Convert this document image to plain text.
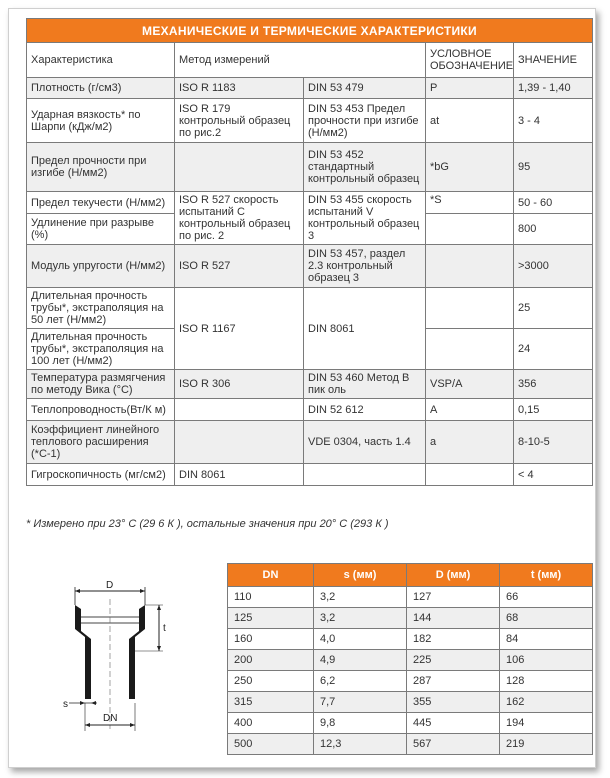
МЕХАНИЧЕСКИЕ И ТЕРМИЧЕСКИЕ ХАРАКТЕРИСТИКИ				
Характеристика	Метод измерений		УСЛОВНОЕ ОБОЗНАЧЕНИЕ	ЗНАЧЕНИЕ
Плотность (г/см3)	ISO R 1183	DIN 53 479	P	1,39 - 1,40
Ударная вязкость* по Шарпи (кДж/м2)	ISO R 179 контрольный образец по рис.2	DIN 53 453 Предел прочности при изгибе (Н/мм2)	at	3 - 4
Предел прочности при изгибе (Н/мм2)		DIN 53 452 стандартный контрольный образец	*bG	95
Предел текучести (Н/мм2)	ISO R 527 скорость испытаний С контрольный образец по рис. 2	DIN 53 455 скорость испытаний V контрольный образец 3	*S	50 - 60
Удлинение при разрыве (%)				800
Модуль упругости (Н/мм2)	ISO R 527	DIN 53 457, раздел 2.3 контрольный образец 3		>3000
Длительная прочность трубы*, экстраполяция на 50 лет (Н/мм2)	ISO R 1167	DIN 8061		25
Длительная прочность трубы*, экстраполяция на 100 лет (Н/мм2)				24
Температура размягчения по методу Вика (°С)	ISO R 306	DIN 53 460 Метод В пик оль	VSP/A	356
Теплопроводность(Вт/К м)		DIN 52 612	A	0,15
Коэффициент линейного теплового расширения (*С-1)		VDE 0304, часть 1.4	a	8-10-5
Гигроскопичность (мг/см2)	DIN 8061			< 4
* Измерено при 23° С (29 6 К ), остальные значения при 20° С (293 К )
D
t
s
DN
DN	s (мм)	D (мм)	t (мм)
110	3,2	127	66
125	3,2	144	68
160	4,0	182	84
200	4,9	225	106
250	6,2	287	128
315	7,7	355	162
400	9,8	445	194
500	12,3	567	219
